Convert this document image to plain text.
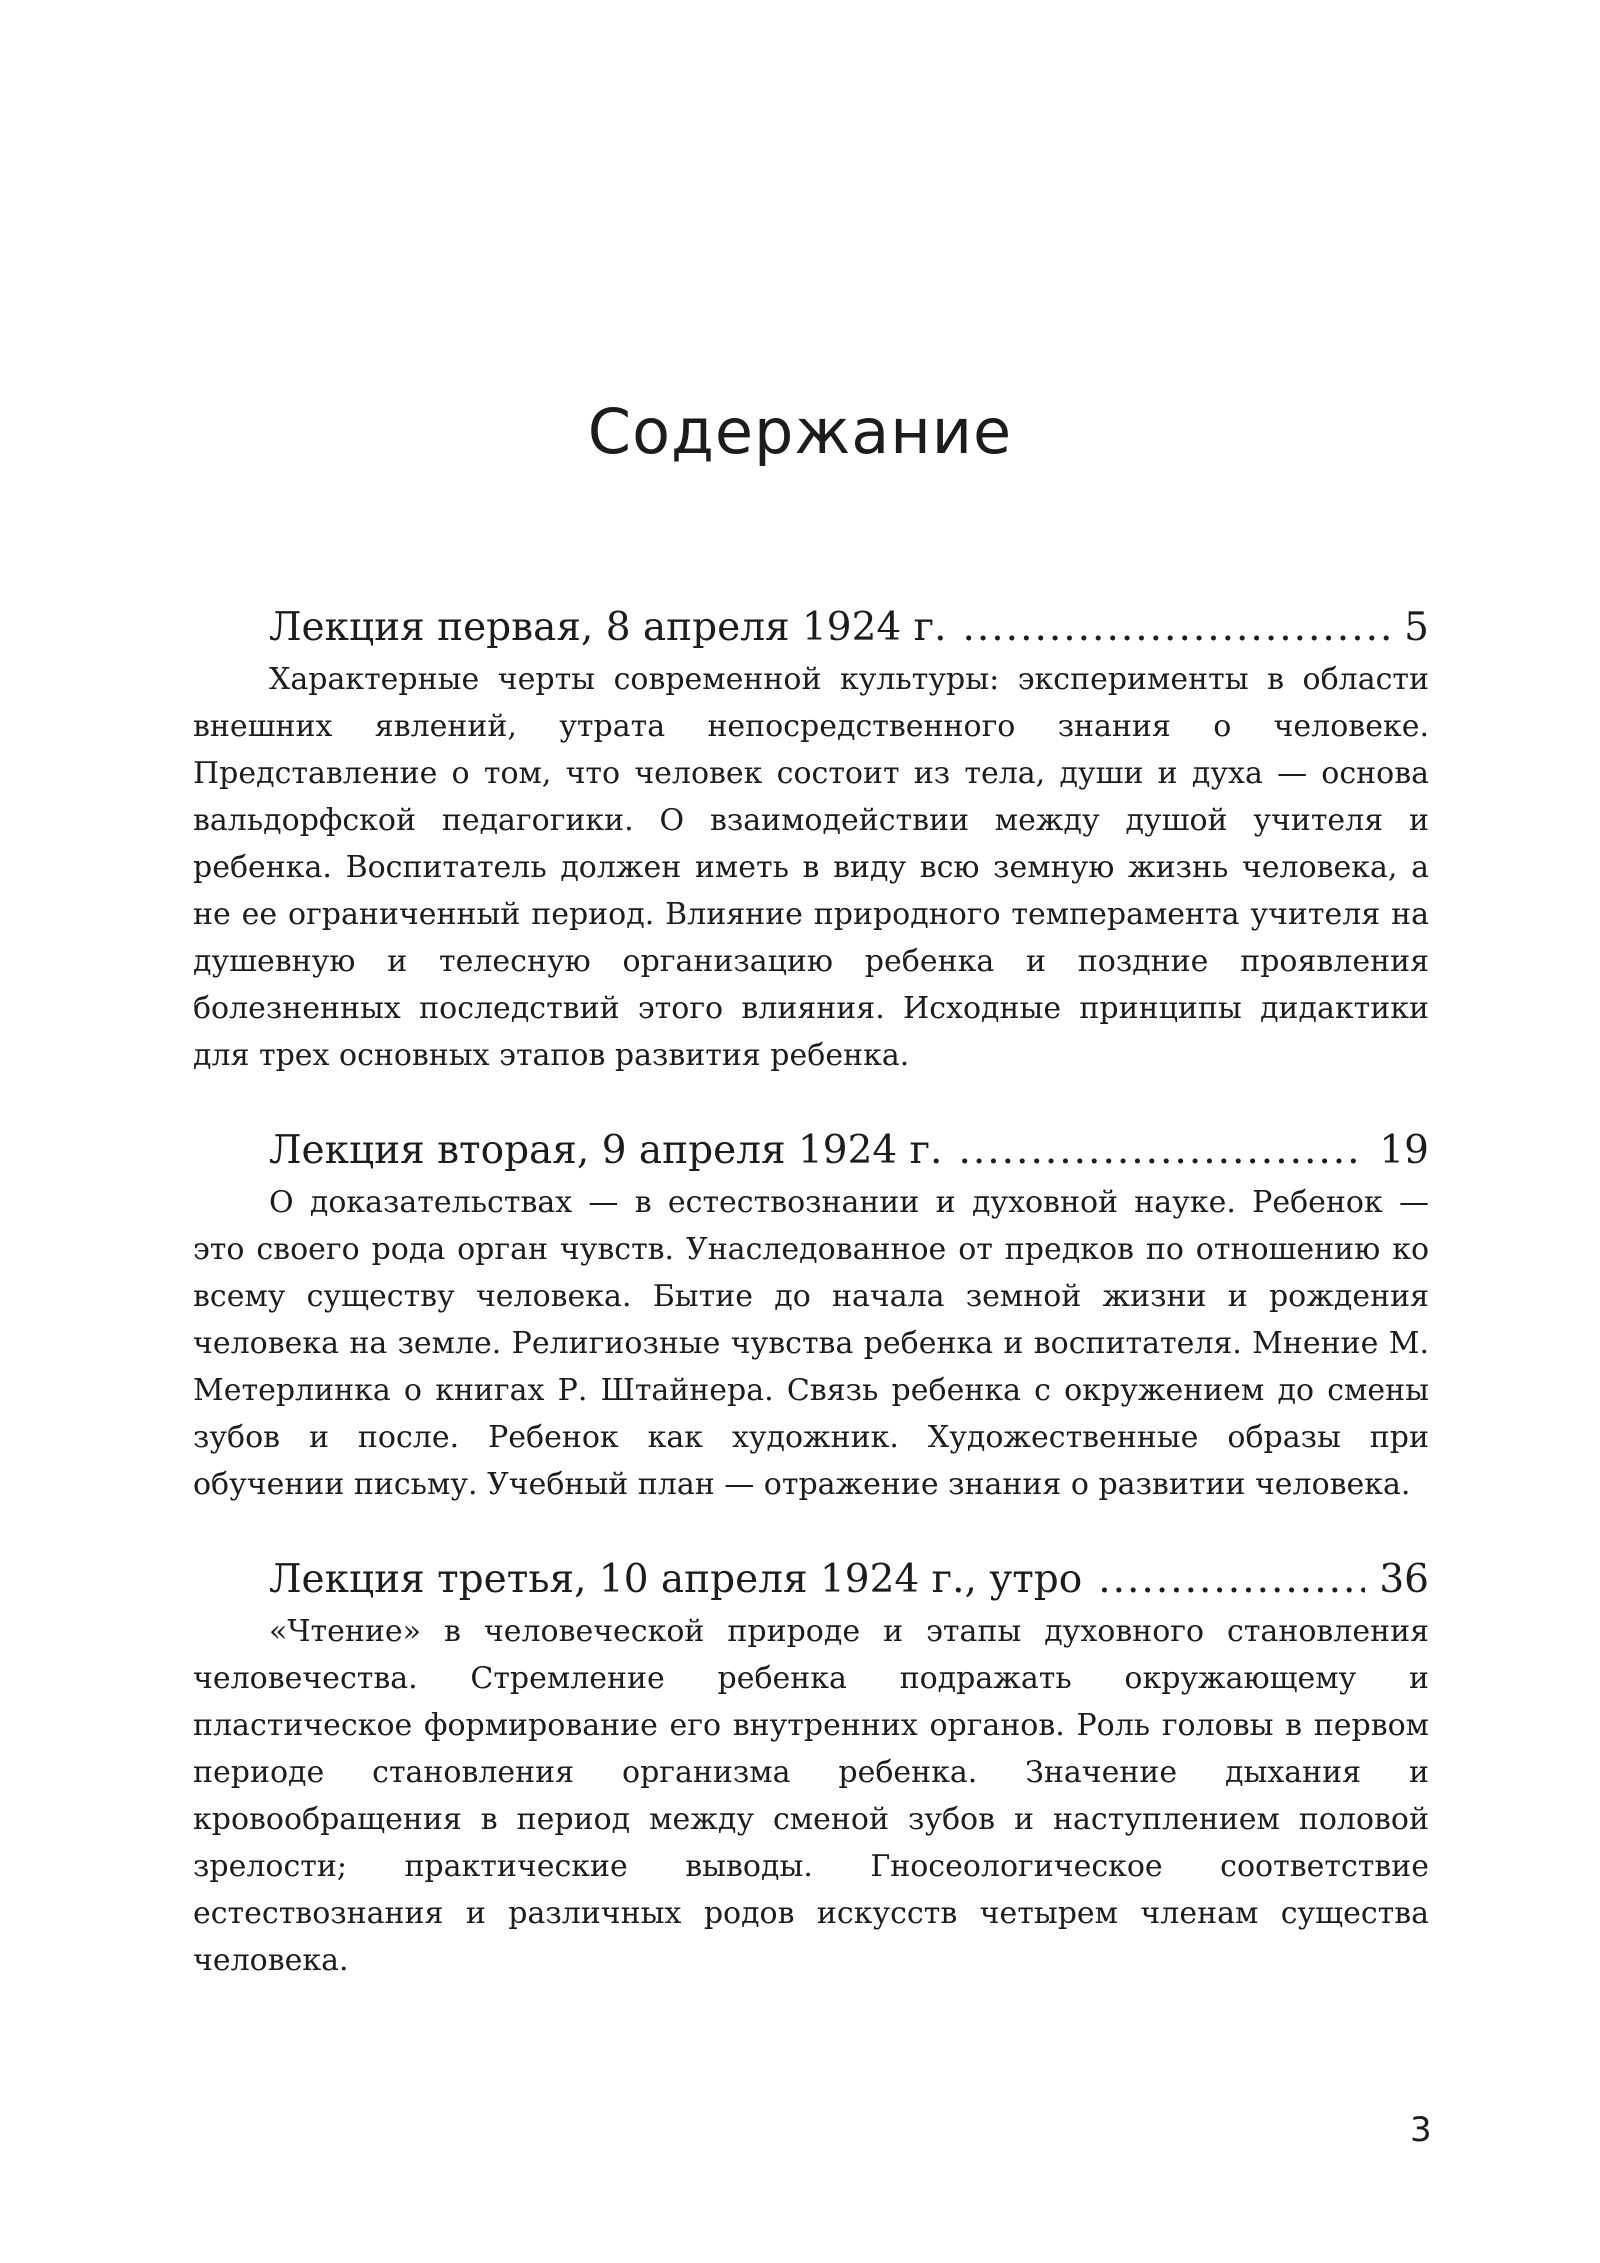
Содержание
Лекция первая, 8 апреля 1924 г. .....	5

Характерные черты современной культуры: эксперименты в области внешних явлений, утрата непосредственного знания о человеке. Представление о том, что человек состоит из тела, души и духа — основа вальдорфской педагогики. О взаимодействии между душой учителя и ребенка. Воспитатель должен иметь в виду всю земную жизнь человека, а не ее ограниченный период. Влияние природного темперамента учителя на душевную и телесную организацию ребенка и поздние проявления болезненных последствий этого влияния. Исходные принципы дидактики для трех основных этапов развития ребенка.

Лекция вторая, 9 апреля 1924 г. .....	19

О доказательствах — в естествознании и духовной науке. Ребенок — это своего рода орган чувств. Унаследованное от предков по отношению ко всему существу человека. Бытие до начала земной жизни и рождения человека на земле. Религиозные чувства ребенка и воспитателя. Мнение М. Метерлинка о книгах Р. Штайнера. Связь ребенка с окружением до смены зубов и после. Ребенок как художник. Художественные образы при обучении письму. Учебный план — отражение знания о развитии человека.

Лекция третья, 10 апреля 1924 г., утро .....	36

«Чтение» в человеческой природе и этапы духовного становления человечества. Стремление ребенка подражать окружающему и пластическое формирование его внутренних органов. Роль головы в первом периоде становления организма ребенка. Значение дыхания и кровообращения в период между сменой зубов и наступлением половой зрелости; практические выводы. Гносеологическое соответствие естествознания и различных родов искусств четырем членам существа человека.

3
